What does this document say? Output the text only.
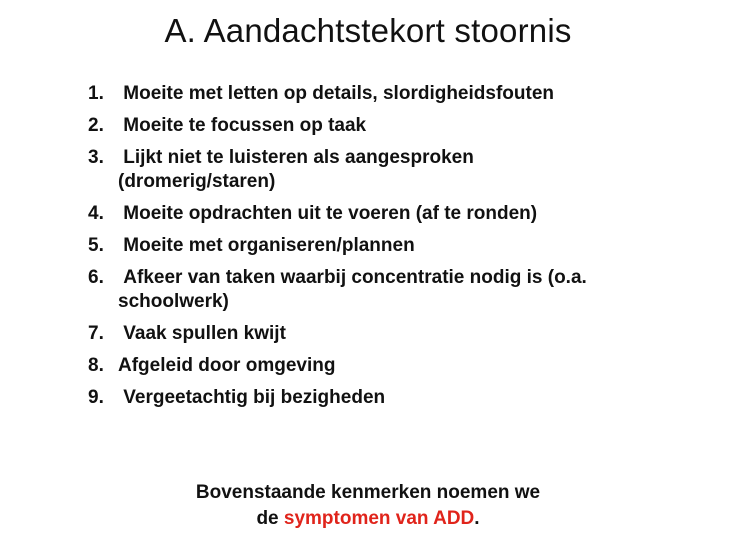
A. Aandachtstekort stoornis
1. Moeite met letten op details, slordigheidsfouten
2. Moeite te focussen op taak
3.	Lijkt niet te luisteren als aangesproken
(dromerig/staren)
4. Moeite opdrachten uit te voeren (af te ronden)
5. Moeite met organiseren/plannen
6.	Afkeer van taken waarbij concentratie nodig is (o.a.
schoolwerk)
7. Vaak spullen kwijt
8. Afgeleid door omgeving
9. Vergeetachtig bij bezigheden
Bovenstaande kenmerken noemen we
de symptomen van ADD.
